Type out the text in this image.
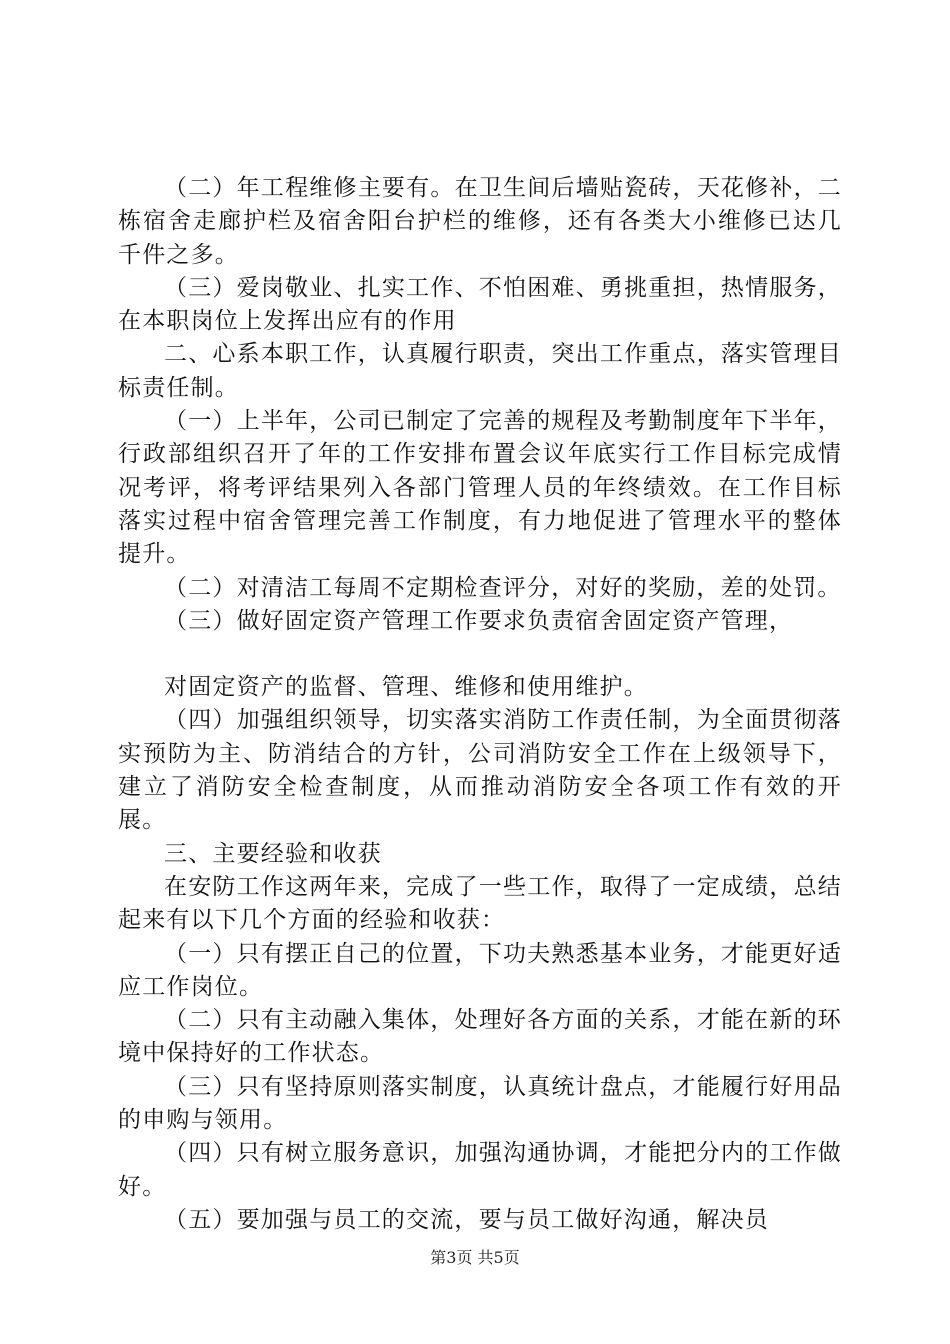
（二）年工程维修主要有。在卫生间后墙贴瓷砖，天花修补，二栋宿舍走廊护栏及宿舍阳台护栏的维修，还有各类大小维修已达几千件之多。

（三）爱岗敬业、扎实工作、不怕困难、勇挑重担，热情服务，在本职岗位上发挥出应有的作用

二、心系本职工作，认真履行职责，突出工作重点，落实管理目标责任制。

（一）上半年，公司已制定了完善的规程及考勤制度年下半年，行政部组织召开了年的工作安排布置会议年底实行工作目标完成情况考评，将考评结果列入各部门管理人员的年终绩效。在工作目标落实过程中宿舍管理完善工作制度，有力地促进了管理水平的整体提升。

（二）对清洁工每周不定期检查评分，对好的奖励，差的处罚。

（三）做好固定资产管理工作要求负责宿舍固定资产管理，

对固定资产的监督、管理、维修和使用维护。

（四）加强组织领导，切实落实消防工作责任制，为全面贯彻落实预防为主、防消结合的方针，公司消防安全工作在上级领导下，建立了消防安全检查制度，从而推动消防安全各项工作有效的开展。

三、主要经验和收获

在安防工作这两年来，完成了一些工作，取得了一定成绩，总结起来有以下几个方面的经验和收获：

（一）只有摆正自己的位置，下功夫熟悉基本业务，才能更好适应工作岗位。

（二）只有主动融入集体，处理好各方面的关系，才能在新的环境中保持好的工作状态。

（三）只有坚持原则落实制度，认真统计盘点，才能履行好用品的申购与领用。

（四）只有树立服务意识，加强沟通协调，才能把分内的工作做好。

（五）要加强与员工的交流，要与员工做好沟通，解决员

第3页 共5页
